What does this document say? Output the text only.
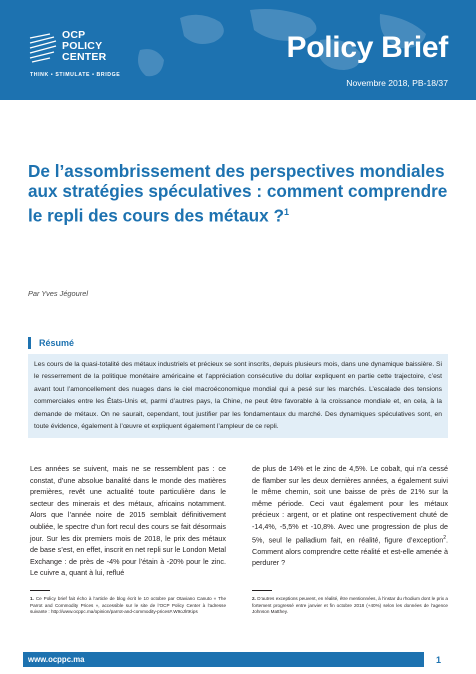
OCP
POLICY
CENTER
THINK • STIMULATE • BRIDGE
Policy Brief
Novembre 2018, PB-18/37
De l’assombrissement des perspectives mondiales aux stratégies spéculatives : comment comprendre le repli des cours des métaux ?$^1$
Par Yves Jégourel
Résumé
Les cours de la quasi-totalité des métaux industriels et précieux se sont inscrits, depuis plusieurs mois, dans une dynamique baissière. Si le resserrement de la politique monétaire américaine et l’appréciation consécutive du dollar expliquent en partie cette trajectoire, c’est avant tout l’amoncellement des nuages dans le ciel macroéconomique mondial qui a pesé sur les marchés. L’escalade des tensions commerciales entre les États-Unis et, parmi d’autres pays, la Chine, ne peut être favorable à la croissance mondiale et, en cela, à la demande de métaux. On ne saurait, cependant, tout justifier par les fondamentaux du marché. Des dynamiques spéculatives sont, en toute évidence, également à l’œuvre et expliquent également l’ampleur de ce repli.
Les années se suivent, mais ne se ressemblent pas : ce constat, d’une absolue banalité dans le monde des matières premières, revêt une actualité toute particulière dans le secteur des minerais et des métaux, africains notamment. Alors que l’année noire de 2015 semblait définitivement oubliée, le spectre d’un fort recul des cours se fait désormais jour. Sur les dix premiers mois de 2018, le prix des métaux de base s’est, en effet, inscrit en net repli sur le London Metal Exchange : de près de -4% pour l’étain à -20% pour le zinc. Le cuivre a, quant à lui, reflué
de plus de 14% et le zinc de 4,5%. Le cobalt, qui n’a cessé de flamber sur les deux dernières années, a également suivi le même chemin, soit une baisse de près de 21% sur la même période. Ceci vaut également pour les métaux précieux : argent, or et platine ont respectivement chuté de -14,4%, -5,5% et -10,8%. Avec une progression de plus de 5%, seul le palladium fait, en réalité, figure d’exception$^2$. Comment alors comprendre cette réalité et est-elle amenée à perdurer ?
1. Ce Policy brief fait écho à l’article de blog écrit le 10 octobre par Otaviano Canuto « The Parrot and Commodity Prices », accessible sur le site de l’OCP Policy Center à l’adresse suivante : http://www.ocppc.ma/opinion/parrot-and-commodity-prices#.W9oJlrtKips
2. D’autres exceptions peuvent, en réalité, être mentionnées, à l’instar du rhodium dont le prix a fortement progressé entre janvier et fin octobre 2018 (+40%) selon les données de l’agence Johnson Matthey.
www.ocppc.ma	1
